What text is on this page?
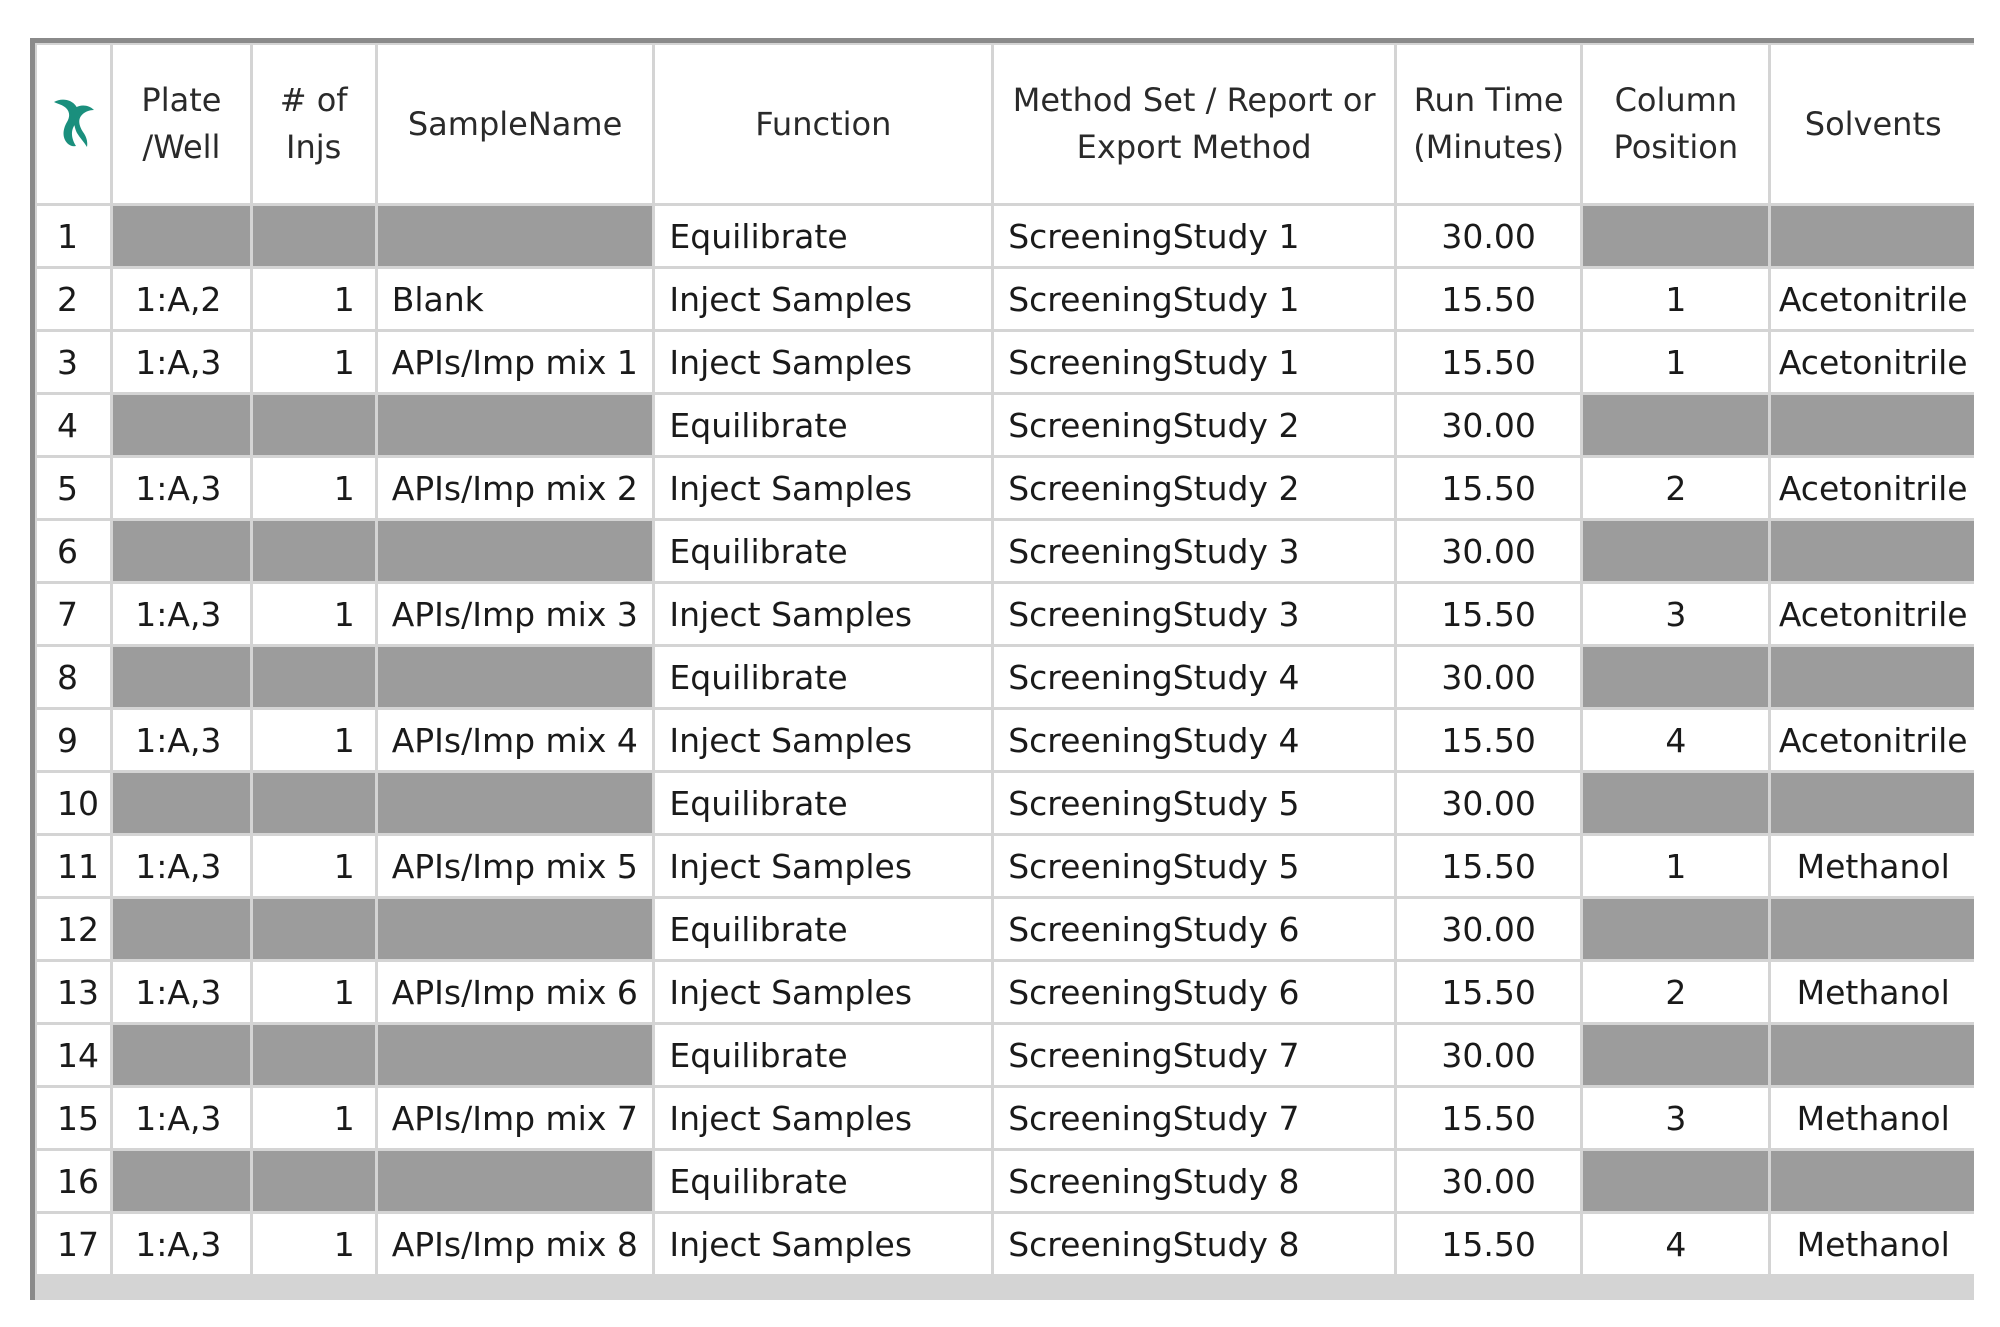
	Plate /Well	# of Injs	SampleName	Function	Method Set / Report or Export Method	Run Time (Minutes)	Column Position	Solvents
1				Equilibrate	ScreeningStudy 1	30.00		
2	1:A,2	1	Blank	Inject Samples	ScreeningStudy 1	15.50	1	Acetonitrile
3	1:A,3	1	APIs/Imp mix 1	Inject Samples	ScreeningStudy 1	15.50	1	Acetonitrile
4				Equilibrate	ScreeningStudy 2	30.00		
5	1:A,3	1	APIs/Imp mix 2	Inject Samples	ScreeningStudy 2	15.50	2	Acetonitrile
6				Equilibrate	ScreeningStudy 3	30.00		
7	1:A,3	1	APIs/Imp mix 3	Inject Samples	ScreeningStudy 3	15.50	3	Acetonitrile
8				Equilibrate	ScreeningStudy 4	30.00		
9	1:A,3	1	APIs/Imp mix 4	Inject Samples	ScreeningStudy 4	15.50	4	Acetonitrile
10				Equilibrate	ScreeningStudy 5	30.00		
11	1:A,3	1	APIs/Imp mix 5	Inject Samples	ScreeningStudy 5	15.50	1	Methanol
12				Equilibrate	ScreeningStudy 6	30.00		
13	1:A,3	1	APIs/Imp mix 6	Inject Samples	ScreeningStudy 6	15.50	2	Methanol
14				Equilibrate	ScreeningStudy 7	30.00		
15	1:A,3	1	APIs/Imp mix 7	Inject Samples	ScreeningStudy 7	15.50	3	Methanol
16				Equilibrate	ScreeningStudy 8	30.00		
17	1:A,3	1	APIs/Imp mix 8	Inject Samples	ScreeningStudy 8	15.50	4	Methanol
